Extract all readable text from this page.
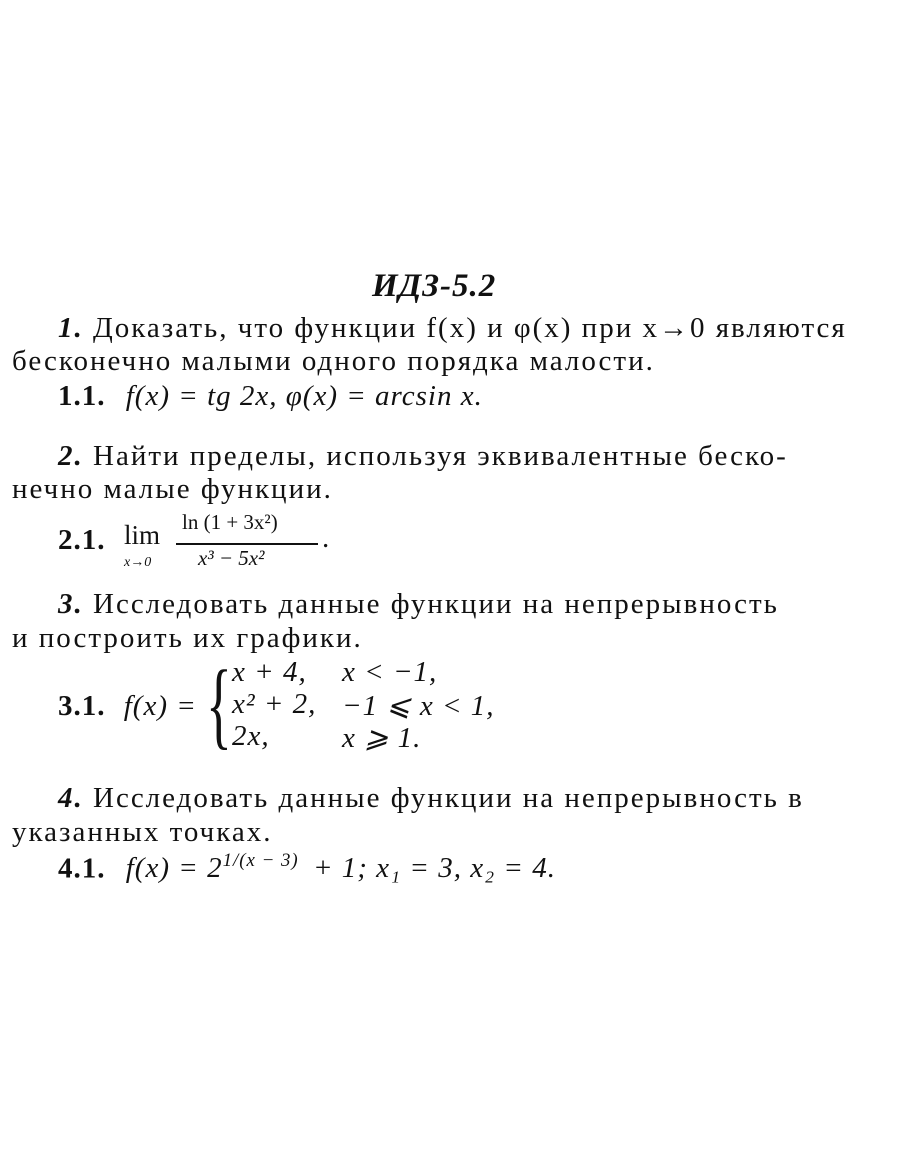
ИДЗ-5.2
1. Доказать, что функции f(x) и φ(x) при x→0 являются
бесконечно малыми одного порядка малости.
1.1. f(x) = tg 2x, φ(x) = arcsin x.
2. Найти пределы, используя эквивалентные беско-
нечно малые функции.
2.1. lim
x→0
ln (1 + 3x²)
x³ − 5x²
.
3. Исследовать данные функции на непрерывность
и построить их графики.
3.1. f(x) = { x + 4, x < −1,
x² + 2, −1 ⩽ x < 1,
2x, x ⩾ 1.
4. Исследовать данные функции на непрерывность в
указанных точках.
4.1. $f(x) = 2^{1/(x - 3)} + 1$; x₁ = 3, x₂ = 4.
